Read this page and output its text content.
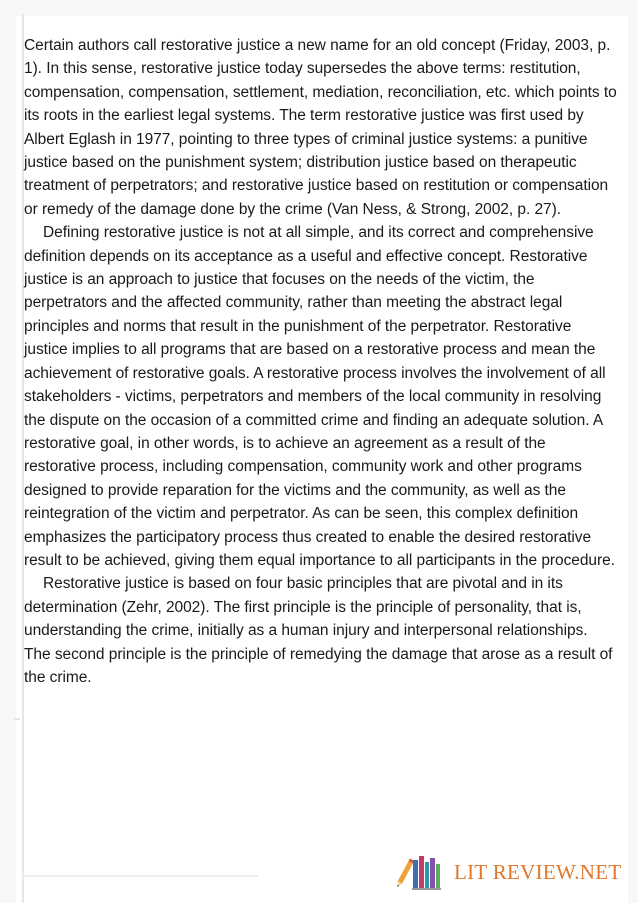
Certain authors call restorative justice a new name for an old concept (Friday, 2003, p. 1). In this sense, restorative justice today supersedes the above terms: restitution, compensation, compensation, settlement, mediation, reconciliation, etc. which points to its roots in the earliest legal systems. The term restorative justice was first used by Albert Eglash in 1977, pointing to three types of criminal justice systems: a punitive justice based on the punishment system; distribution justice based on therapeutic treatment of perpetrators; and restorative justice based on restitution or compensation or remedy of the damage done by the crime (Van Ness, & Strong, 2002, p. 27).

Defining restorative justice is not at all simple, and its correct and comprehensive definition depends on its acceptance as a useful and effective concept. Restorative justice is an approach to justice that focuses on the needs of the victim, the perpetrators and the affected community, rather than meeting the abstract legal principles and norms that result in the punishment of the perpetrator. Restorative justice implies to all programs that are based on a restorative process and mean the achievement of restorative goals. A restorative process involves the involvement of all stakeholders - victims, perpetrators and members of the local community in resolving the dispute on the occasion of a committed crime and finding an adequate solution. A restorative goal, in other words, is to achieve an agreement as a result of the restorative process, including compensation, community work and other programs designed to provide reparation for the victims and the community, as well as the reintegration of the victim and perpetrator. As can be seen, this complex definition emphasizes the participatory process thus created to enable the desired restorative result to be achieved, giving them equal importance to all participants in the procedure.

Restorative justice is based on four basic principles that are pivotal and in its determination (Zehr, 2002). The first principle is the principle of personality, that is, understanding the crime, initially as a human injury and interpersonal relationships. The second principle is the principle of remedying the damage that arose as a result of the crime.

LIT REVIEW.NET
